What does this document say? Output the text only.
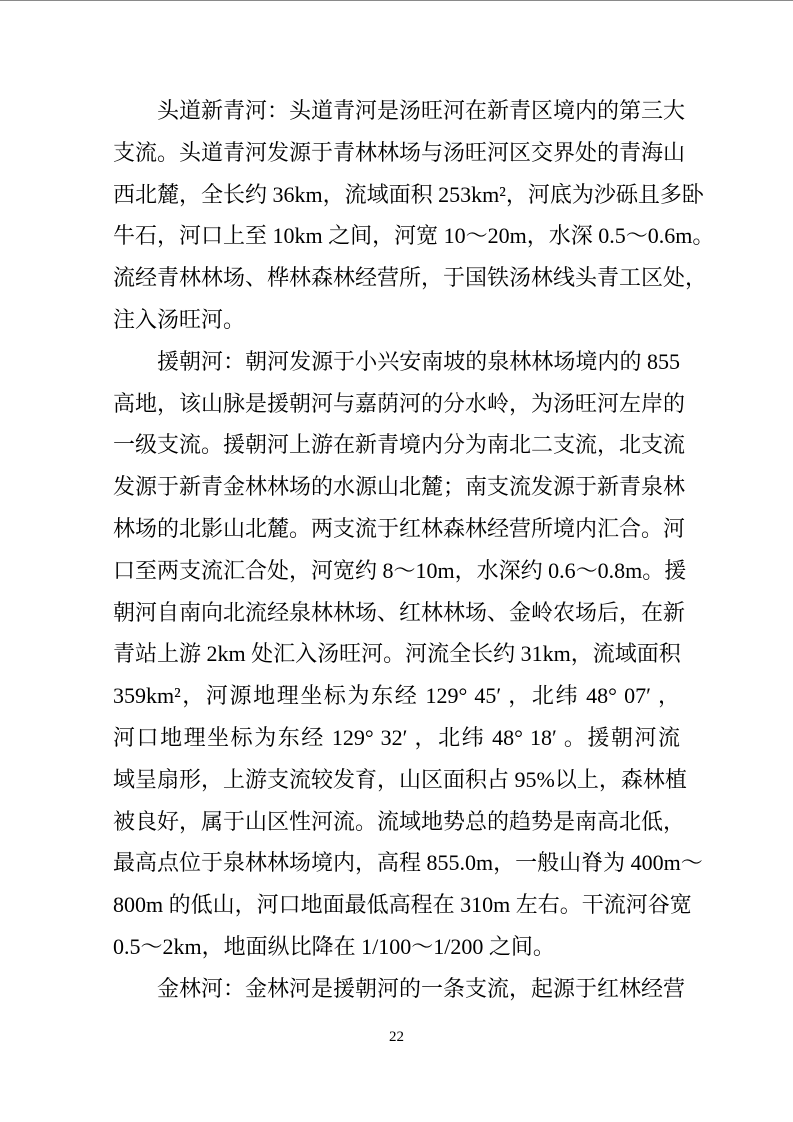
头道新青河：头道青河是汤旺河在新青区境内的第三大
支流。头道青河发源于青林林场与汤旺河区交界处的青海山
西北麓，全长约 36km，流域面积 253km²，河底为沙砾且多卧
牛石，河口上至 10km 之间，河宽 10～20m，水深 0.5～0.6m。
流经青林林场、桦林森林经营所，于国铁汤林线头青工区处，
注入汤旺河。
援朝河：朝河发源于小兴安南坡的泉林林场境内的 855
高地，该山脉是援朝河与嘉荫河的分水岭，为汤旺河左岸的
一级支流。援朝河上游在新青境内分为南北二支流，北支流
发源于新青金林林场的水源山北麓；南支流发源于新青泉林
林场的北影山北麓。两支流于红林森林经营所境内汇合。河
口至两支流汇合处，河宽约 8～10m，水深约 0.6～0.8m。援
朝河自南向北流经泉林林场、红林林场、金岭农场后，在新
青站上游 2km 处汇入汤旺河。河流全长约 31km，流域面积
359km²，河源地理坐标为东经 129° 45′ ，北纬 48° 07′ ，
河口地理坐标为东经 129° 32′ ，北纬 48° 18′ 。援朝河流
域呈扇形，上游支流较发育，山区面积占 95%以上，森林植
被良好，属于山区性河流。流域地势总的趋势是南高北低，
最高点位于泉林林场境内，高程 855.0m，一般山脊为 400m～
800m 的低山，河口地面最低高程在 310m 左右。干流河谷宽
0.5～2km，地面纵比降在 1/100～1/200 之间。
金林河：金林河是援朝河的一条支流，起源于红林经营
22
